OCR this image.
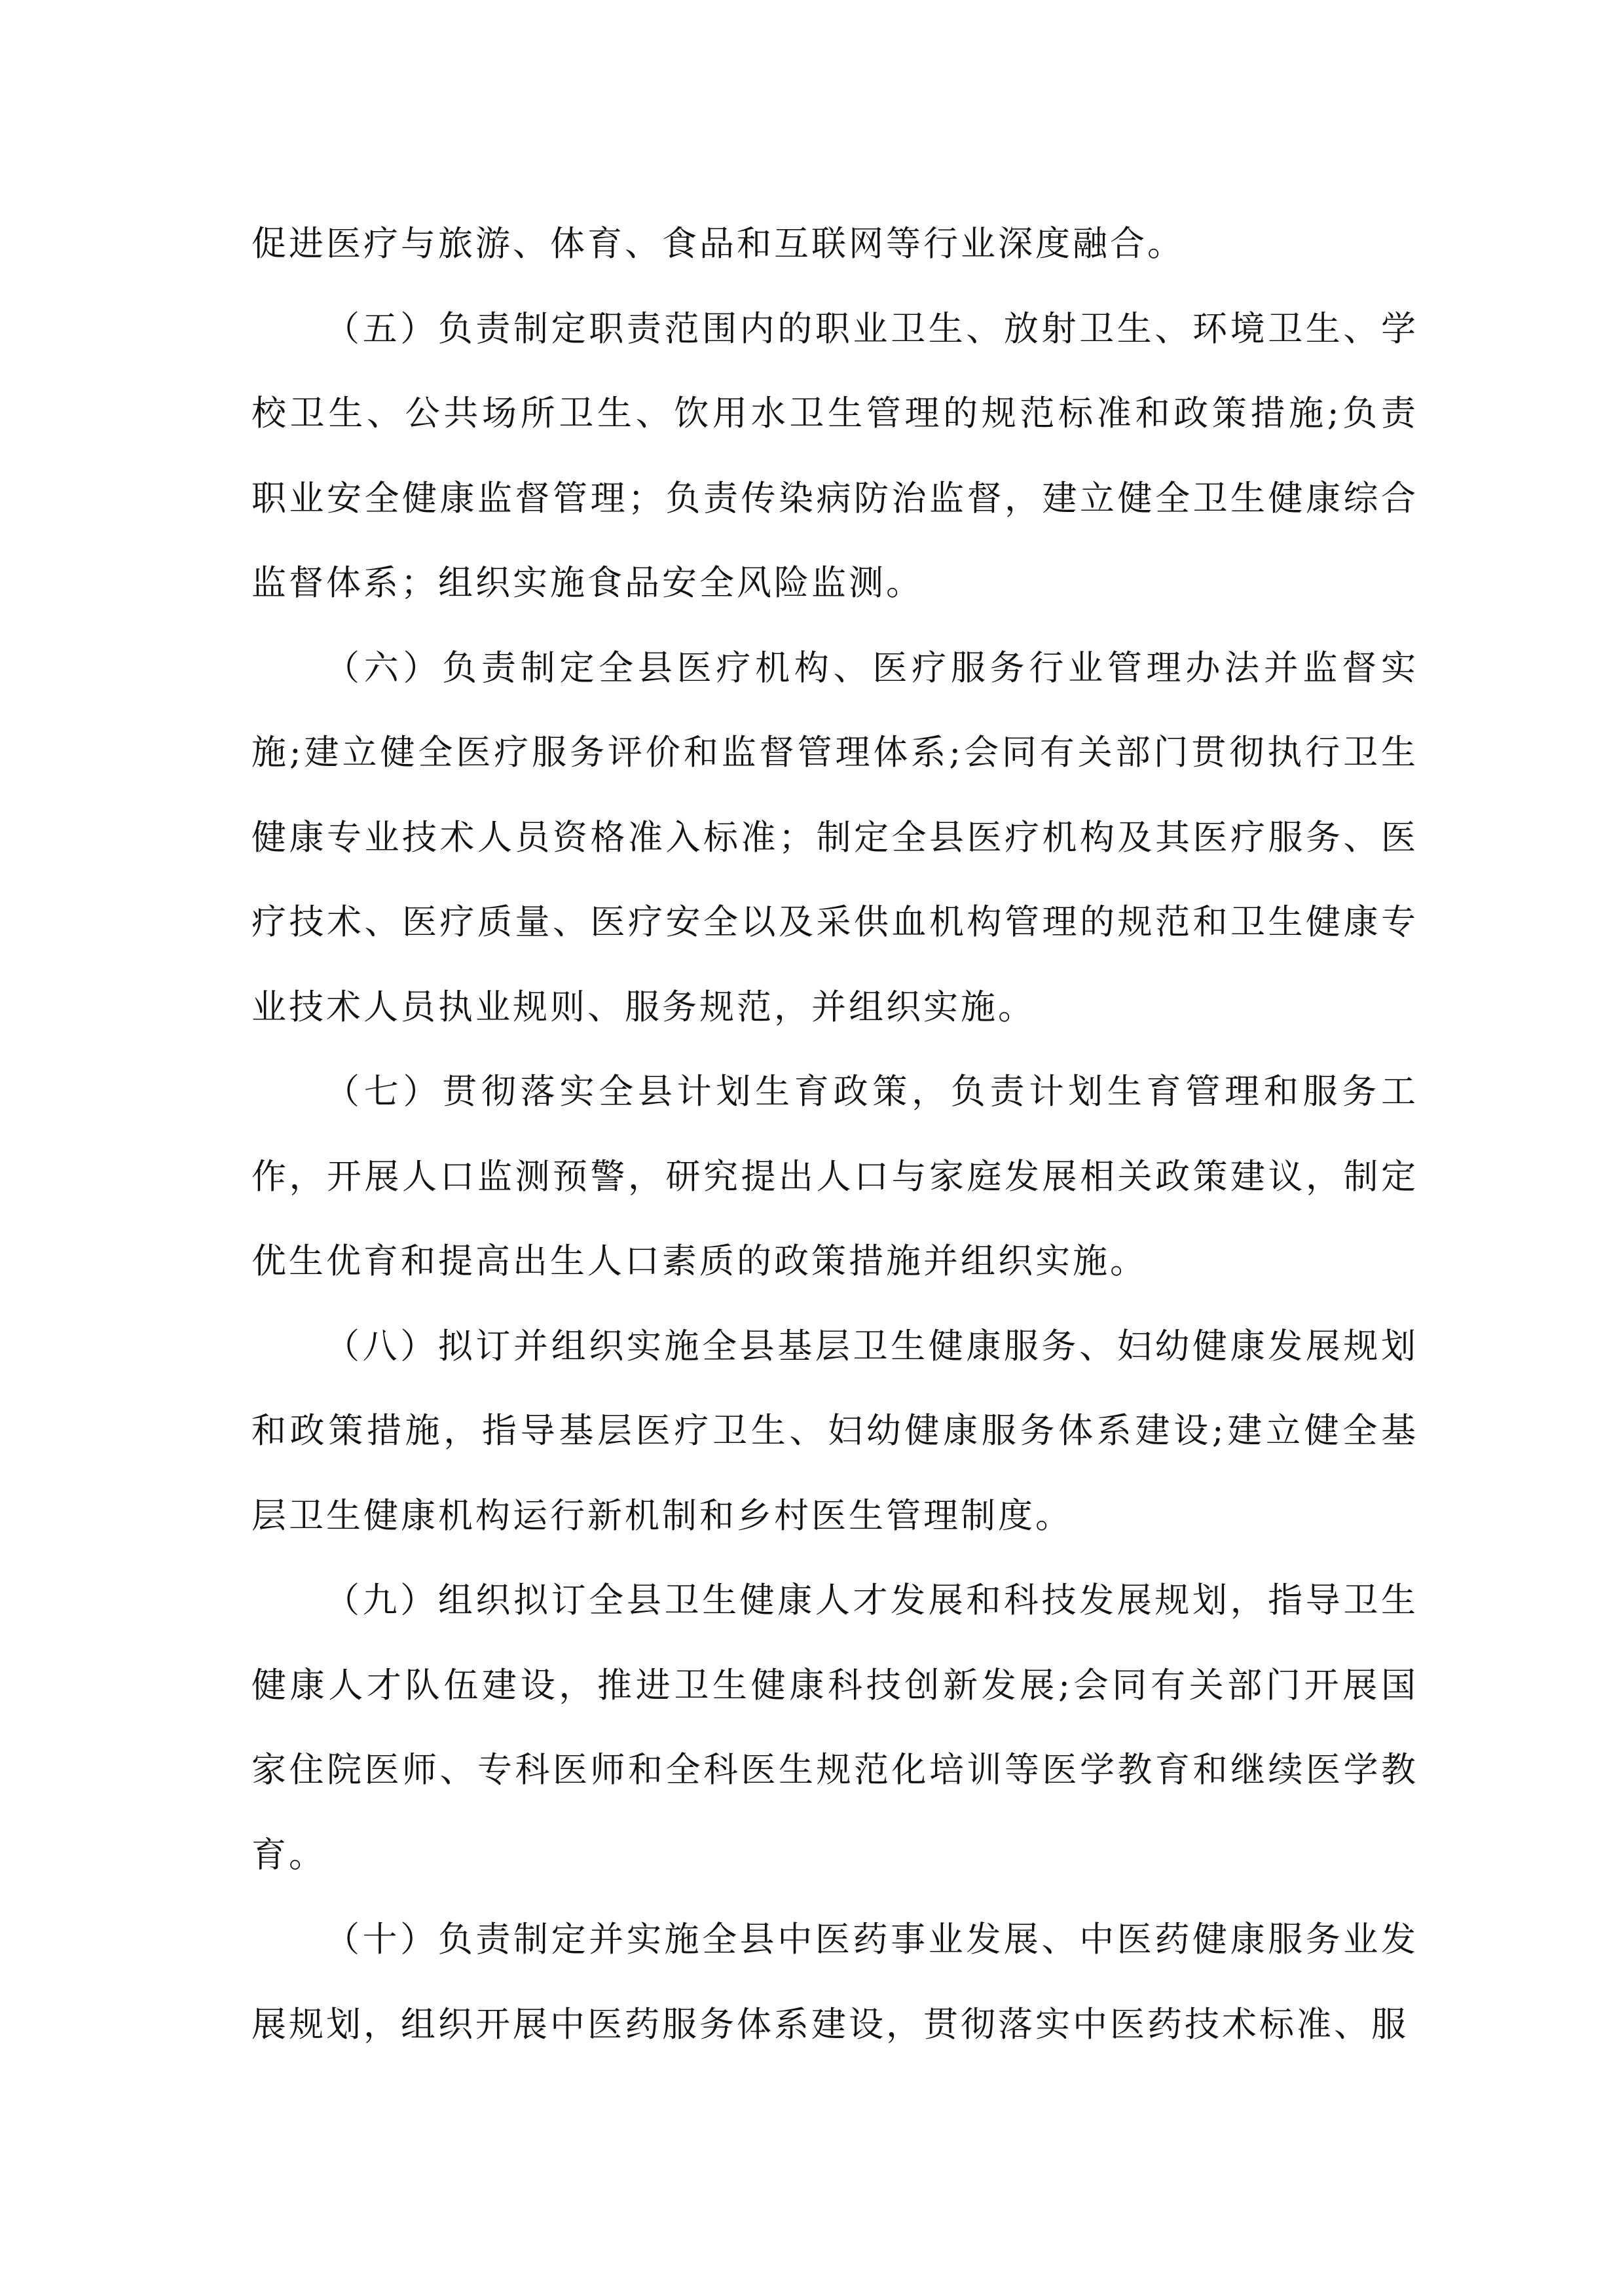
促进医疗与旅游、体育、食品和互联网等行业深度融合。

（五）负责制定职责范围内的职业卫生、放射卫生、环境卫生、学校卫生、公共场所卫生、饮用水卫生管理的规范标准和政策措施;负责职业安全健康监督管理；负责传染病防治监督，建立健全卫生健康综合监督体系；组织实施食品安全风险监测。

（六）负责制定全县医疗机构、医疗服务行业管理办法并监督实施;建立健全医疗服务评价和监督管理体系;会同有关部门贯彻执行卫生健康专业技术人员资格准入标准；制定全县医疗机构及其医疗服务、医疗技术、医疗质量、医疗安全以及采供血机构管理的规范和卫生健康专业技术人员执业规则、服务规范，并组织实施。

（七）贯彻落实全县计划生育政策，负责计划生育管理和服务工作，开展人口监测预警，研究提出人口与家庭发展相关政策建议，制定优生优育和提高出生人口素质的政策措施并组织实施。

（八）拟订并组织实施全县基层卫生健康服务、妇幼健康发展规划和政策措施，指导基层医疗卫生、妇幼健康服务体系建设;建立健全基层卫生健康机构运行新机制和乡村医生管理制度。

（九）组织拟订全县卫生健康人才发展和科技发展规划，指导卫生健康人才队伍建设，推进卫生健康科技创新发展;会同有关部门开展国家住院医师、专科医师和全科医生规范化培训等医学教育和继续医学教育。

（十）负责制定并实施全县中医药事业发展、中医药健康服务业发展规划，组织开展中医药服务体系建设，贯彻落实中医药技术标准、服
